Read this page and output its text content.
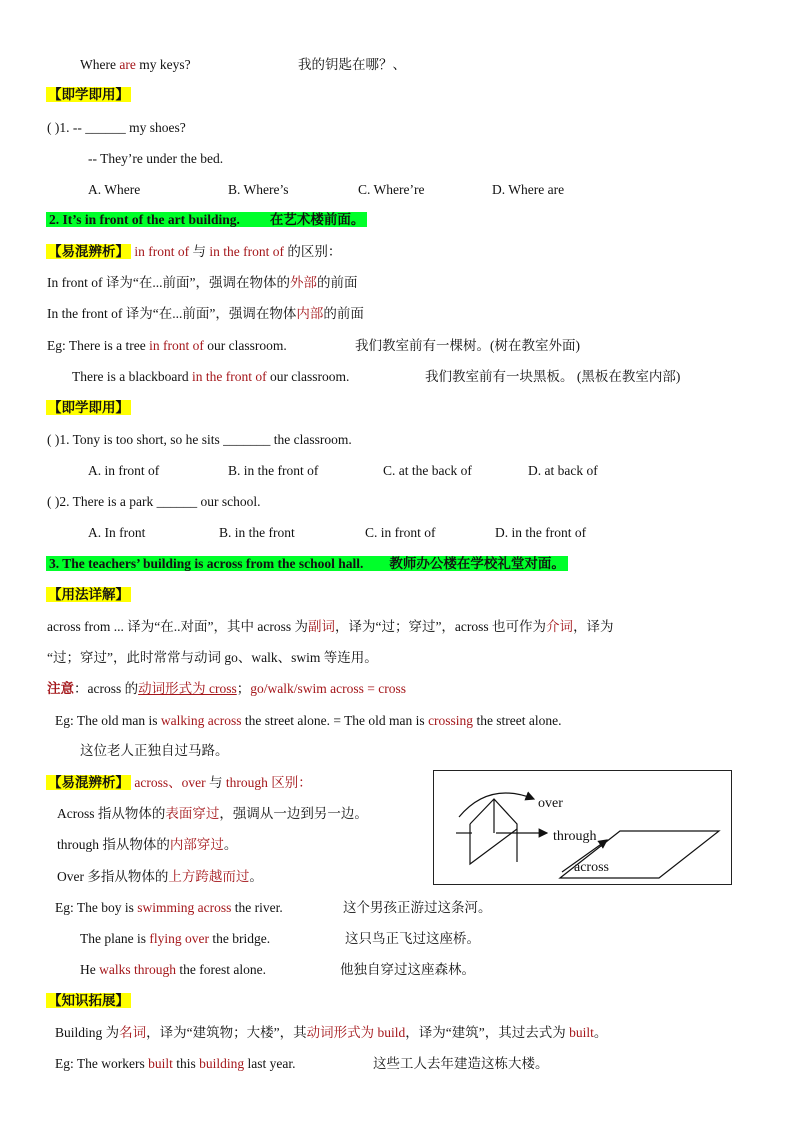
Where are my keys?	我的钥匙在哪？、
【即学即用】
( )1. -- ______ my shoes?
-- They’re under the bed.
A. Where	B. Where’s	C. Where’re	D. Where are
2. It’s in front of the art building. 在艺术楼前面。
【易混辨析】 in front of 与 in the front of 的区别：
In front of 译为“在...前面”，强调在物体的外部的前面
In the front of 译为“在...前面”，强调在物体内部的前面
Eg: There is a tree in front of our classroom.	我们教室前有一棵树。(树在教室外面)
There is a blackboard in the front of our classroom.	我们教室前有一块黑板。 (黑板在教室内部)
【即学即用】
( )1. Tony is too short, so he sits _______ the classroom.
A. in front of	B. in the front of	C. at the back of	D. at back of
( )2. There is a park ______ our school.
A. In front	B. in the front	C. in front of	D. in the front of
3. The teachers’ building is across from the school hall. 教师办公楼在学校礼堂对面。
【用法详解】
across from ... 译为“在..对面”，其中 across 为副词，译为“过；穿过”，across 也可作为介词，译为
“过；穿过”，此时常常与动词 go、walk、swim 等连用。
注意：across 的动词形式为 cross；go/walk/swim across = cross
Eg: The old man is walking across the street alone. = The old man is crossing the street alone.
这位老人正独自过马路。
【易混辨析】 across、over 与 through 区别：
Across 指从物体的表面穿过，强调从一边到另一边。
through 指从物体的内部穿过。
Over 多指从物体的上方跨越而过。
over
through
across
Eg: The boy is swimming across the river.	这个男孩正游过这条河。
The plane is flying over the bridge.	这只鸟正飞过这座桥。
He walks through the forest alone.	他独自穿过这座森林。
【知识拓展】
Building 为名词，译为“建筑物；大楼”，其动词形式为 build，译为“建筑”，其过去式为 built。
Eg: The workers built this building last year.	这些工人去年建造这栋大楼。
